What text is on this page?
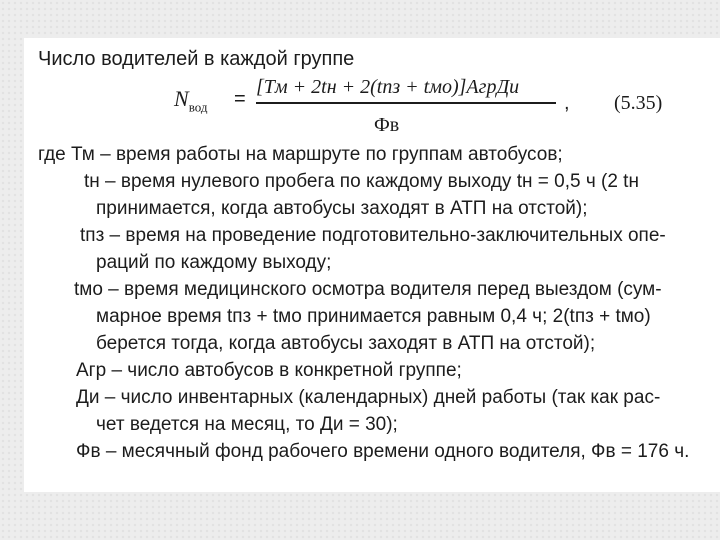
Число водителей в каждой группе
$N_{вод}$ =
[Tм + 2tн + 2(tпз + tмо)]АгрДи
Фв
, (5.35)
где Тм – время работы на маршруте по группам автобусов;
tн – время нулевого пробега по каждому выходу tн = 0,5 ч (2 tн
принимается, когда автобусы заходят в АТП на отстой);
tпз – время на проведение подготовительно-заключительных опе-
раций по каждому выходу;
tмо – время медицинского осмотра водителя перед выездом (сум-
марное время tпз + tмо принимается равным 0,4 ч; 2(tпз + tмо)
берется тогда, когда автобусы заходят в АТП на отстой);
Агр – число автобусов в конкретной группе;
Ди – число инвентарных (календарных) дней работы (так как рас-
чет ведется на месяц, то Ди = 30);
Фв – месячный фонд рабочего времени одного водителя, Фв = 176 ч.
